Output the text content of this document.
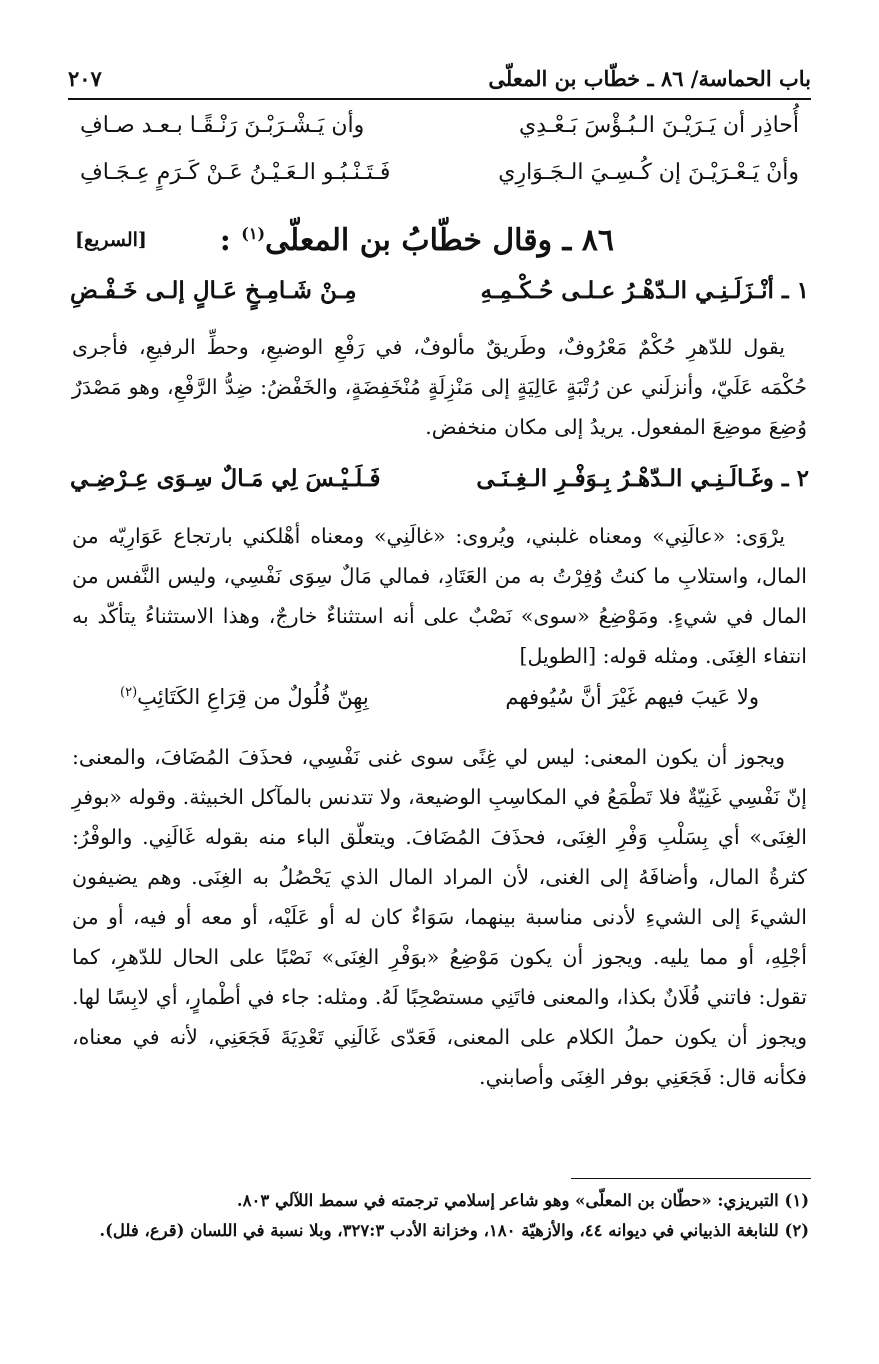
باب الحماسة/ ٨٦ ـ خطّاب بن المعلّى
٢٠٧
أُحاذِر أن يَـرَيْـنَ الـبُـؤْسَ بَـعْـدِي
وأن يَـشْـرَبْـنَ رَنْـقًـا بـعـد صـافِ
وأنْ يَـعْـرَيْـنَ إن كُـسِـيَ الـجَـوَارِي
فَـتَـنْـبُـو الـعَـيْـنُ عَـنْ كَـرَمٍ عِـجَـافِ
٨٦ ـ وقال خطّابُ بن المعلّى$^{(١)}$ :
[السريع]
١ ـ أنْـزَلَـنِـي الـدّهْـرُ عـلـى حُـكْـمِـهِ
مِـنْ شَـامِـخٍ عَـالٍ إلـى خَـفْـضِ
يقول للدّهرِ حُكْمٌ مَعْرُوفٌ، وطَريقٌ مألوفٌ، في رَفْعِ الوضيعِ، وحطِّ الرفيعِ، فأجرى حُكْمَه عَلَيّ، وأنزلَني عن رُتْبَةٍ عَالِيَةٍ إلى مَنْزِلَةٍ مُنْخَفِضَةٍ، والخَفْضُ: ضِدُّ الرَّفْعِ، وهو مَصْدَرٌ وُضِعَ موضِعَ المفعول. يريدُ إلى مكان منخفض.
٢ ـ وغَـالَـنِـي الـدّهْـرُ بِـوَفْـرِ الـغِـنَـى
فَـلَـيْـسَ لِي مَـالٌ سِـوَى عِـرْضِـي
يرْوَى: «عالَنِي» ومعناه غلبني، ويُروى: «غالَنِي» ومعناه أهْلكني بارتجاع عَوَارِيّه من المال، واستلابِ ما كنتُ وُفِرْتُ به من العَتَادِ، فمالي مَالٌ سِوَى نَفْسِي، وليس النَّفس من المال في شيءٍ. ومَوْضِعُ «سوى» نَصْبٌ على أنه استثناءٌ خارجٌ، وهذا الاستثناءُ يتأكّد به انتفاء الغِنَى. ومثله قوله: [الطويل]
ولا عَيبَ فيهم غَيْرَ أنَّ سُيُوفهم
بِهِنّ فُلُولٌ من قِرَاعِ الكَتَائِبِ$^{(٢)}$
ويجوز أن يكون المعنى: ليس لي غِنًى سوى غنى نَفْسِي، فحذَفَ المُضَافَ، والمعنى: إنّ نَفْسِي غَنِيّةٌ فلا تَطْمَعُ في المكاسِبِ الوضيعة، ولا تتدنس بالمآكل الخبيثة. وقوله «بوفرِ الغِنَى» أي بِسَلْبِ وَفْرِ الغِنَى، فحذَفَ المُضَافَ. ويتعلّق الباء منه بقوله غَالَنِي. والوفْرُ: كثرةُ المال، وأضافَهُ إلى الغنى، لأن المراد المال الذي يَحْصُلُ به الغِنَى. وهم يضيفون الشيءَ إلى الشيءِ لأدنى مناسبة بينهما، سَوَاءٌ كان له أو عَلَيْه، أو معه أو فيه، أو من أجْلِهِ، أو مما يليه. ويجوز أن يكون مَوْضِعُ «بوَفْرِ الغِنَى» نَصْبًا على الحال للدّهرِ، كما تقول: فاتني فُلَانٌ بكذا، والمعنى فاتَنِي مستصْحِبًا لَهُ. ومثله: جاء في أطْمارٍ، أي لابِسًا لها. ويجوز أن يكون حملُ الكلام على المعنى، فَعَدّى غَالَنِي تَعْدِيَةَ فَجَعَنِي، لأنه في معناه، فكأنه قال: فَجَعَنِي بوفر الغِنَى وأصابني.
(١) التبريزي: «حطّان بن المعلّى» وهو شاعر إسلامي ترجمته في سمط اللآلي ٨٠٣.
(٢) للنابغة الذبياني في ديوانه ٤٤، والأزهيّة ١٨٠، وخزانة الأدب ٣٢٧:٣، وبلا نسبة في اللسان (قرع، فلل).
